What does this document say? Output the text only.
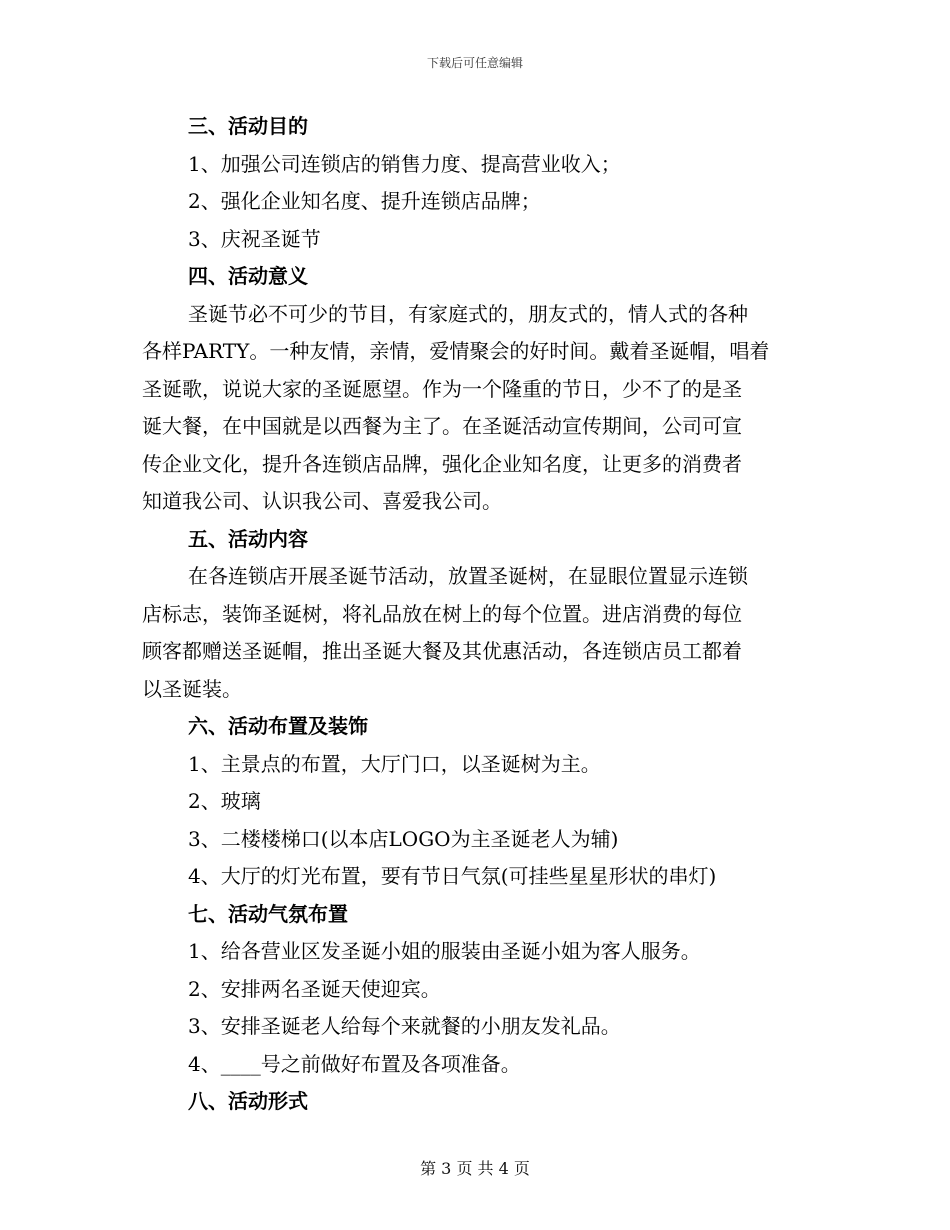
下载后可任意编辑
三、活动目的
1、加强公司连锁店的销售力度、提高营业收入；
2、强化企业知名度、提升连锁店品牌；
3、庆祝圣诞节
四、活动意义
圣诞节必不可少的节目，有家庭式的，朋友式的，情人式的各种
各样PARTY。一种友情，亲情，爱情聚会的好时间。戴着圣诞帽，唱着
圣诞歌，说说大家的圣诞愿望。作为一个隆重的节日，少不了的是圣
诞大餐，在中国就是以西餐为主了。在圣诞活动宣传期间，公司可宣
传企业文化，提升各连锁店品牌，强化企业知名度，让更多的消费者
知道我公司、认识我公司、喜爱我公司。
五、活动内容
在各连锁店开展圣诞节活动，放置圣诞树，在显眼位置显示连锁
店标志，装饰圣诞树，将礼品放在树上的每个位置。进店消费的每位
顾客都赠送圣诞帽，推出圣诞大餐及其优惠活动，各连锁店员工都着
以圣诞装。
六、活动布置及装饰
1、主景点的布置，大厅门口，以圣诞树为主。
2、玻璃
3、二楼楼梯口(以本店LOGO为主圣诞老人为辅)
4、大厅的灯光布置，要有节日气氛(可挂些星星形状的串灯)
七、活动气氛布置
1、给各营业区发圣诞小姐的服装由圣诞小姐为客人服务。
2、安排两名圣诞天使迎宾。
3、安排圣诞老人给每个来就餐的小朋友发礼品。
4、____号之前做好布置及各项准备。
八、活动形式
第 3 页 共 4 页
